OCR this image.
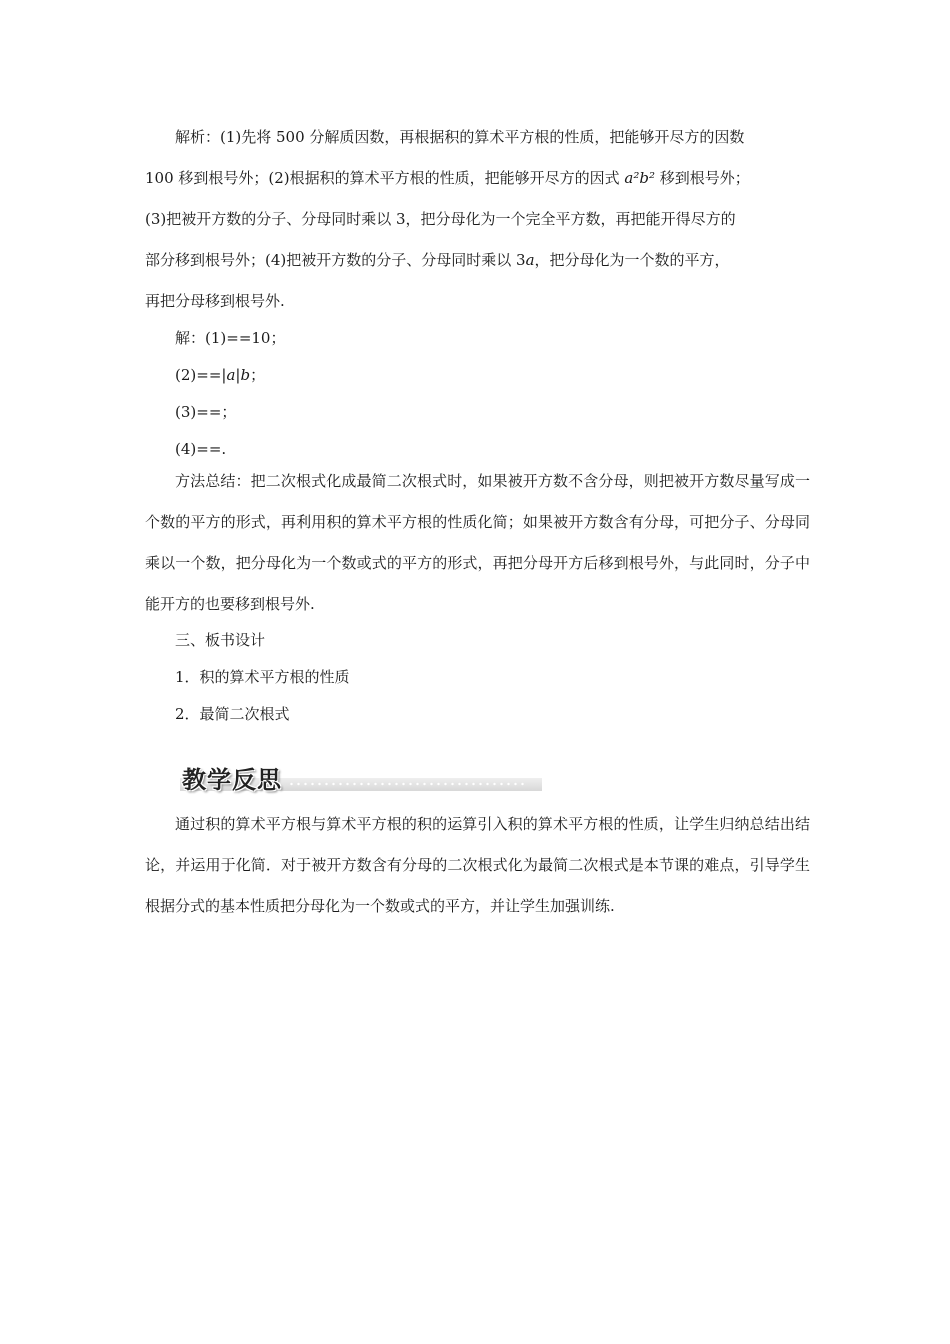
解析：(1)先将 500 分解质因数，再根据积的算术平方根的性质，把能够开尽方的因数

100 移到根号外；(2)根据积的算术平方根的性质，把能够开尽方的因式 a²b² 移到根号外；

(3)把被开方数的分子、分母同时乘以 3，把分母化为一个完全平方数，再把能开得尽方的

部分移到根号外；(4)把被开方数的分子、分母同时乘以 3a，把分母化为一个数的平方，

再把分母移到根号外.

解：(1)==10；

(2)==|a|b；

(3)==；

(4)==.

方法总结：把二次根式化成最简二次根式时，如果被开方数不含分母，则把被开方数尽量写成一个数的平方的形式，再利用积的算术平方根的性质化简；如果被开方数含有分母，可把分子、分母同乘以一个数，把分母化为一个数或式的平方的形式，再把分母开方后移到根号外，与此同时，分子中能开方的也要移到根号外.

三、板书设计

1．积的算术平方根的性质

2．最简二次根式

教学反思

通过积的算术平方根与算术平方根的积的运算引入积的算术平方根的性质，让学生归纳总结出结论，并运用于化简．对于被开方数含有分母的二次根式化为最简二次根式是本节课的难点，引导学生根据分式的基本性质把分母化为一个数或式的平方，并让学生加强训练.
